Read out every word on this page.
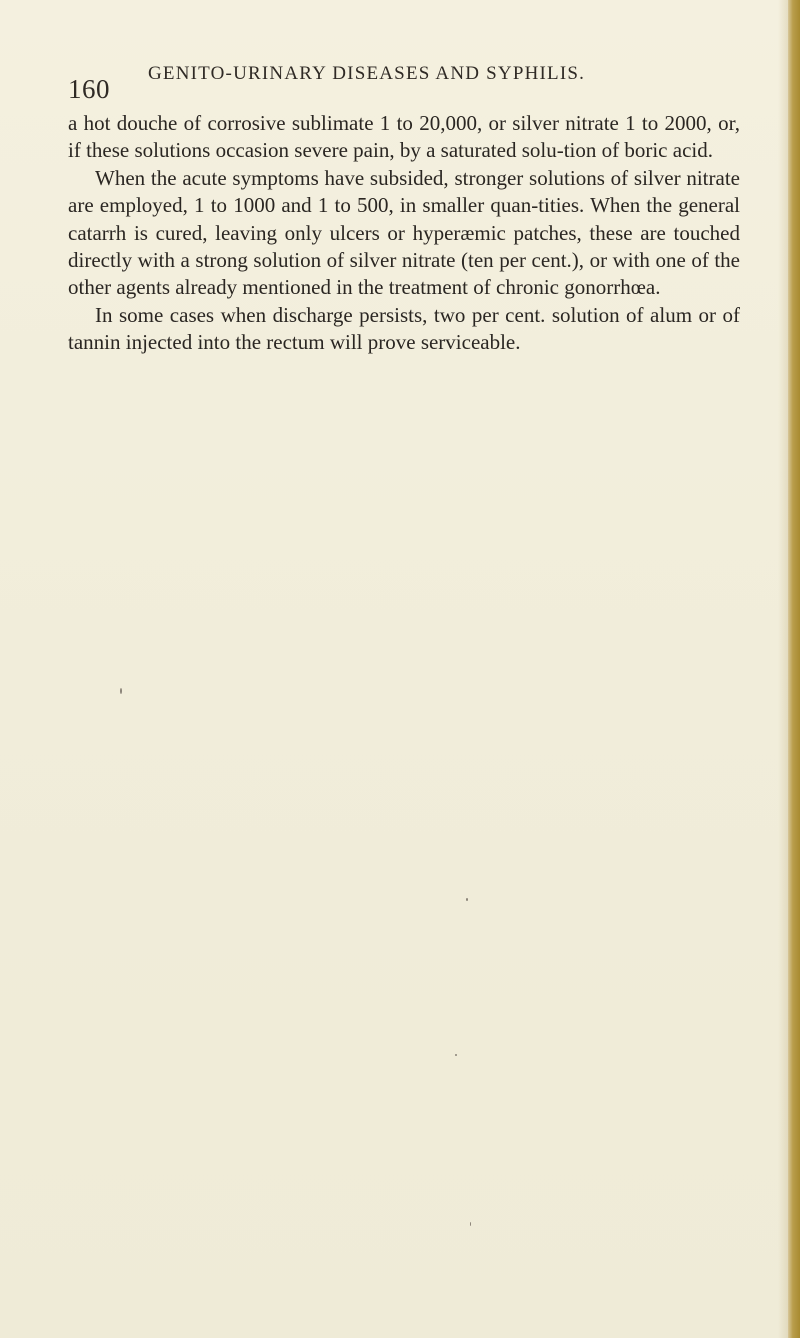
160
GENITO-URINARY DISEASES AND SYPHILIS.

a hot douche of corrosive sublimate 1 to 20,000, or silver nitrate 1 to 2000, or, if these solutions occasion severe pain, by a saturated solu-tion of boric acid.

When the acute symptoms have subsided, stronger solutions of silver nitrate are employed, 1 to 1000 and 1 to 500, in smaller quan-tities. When the general catarrh is cured, leaving only ulcers or hyperæmic patches, these are touched directly with a strong solution of silver nitrate (ten per cent.), or with one of the other agents already mentioned in the treatment of chronic gonorrhœa.

In some cases when discharge persists, two per cent. solution of alum or of tannin injected into the rectum will prove serviceable.
